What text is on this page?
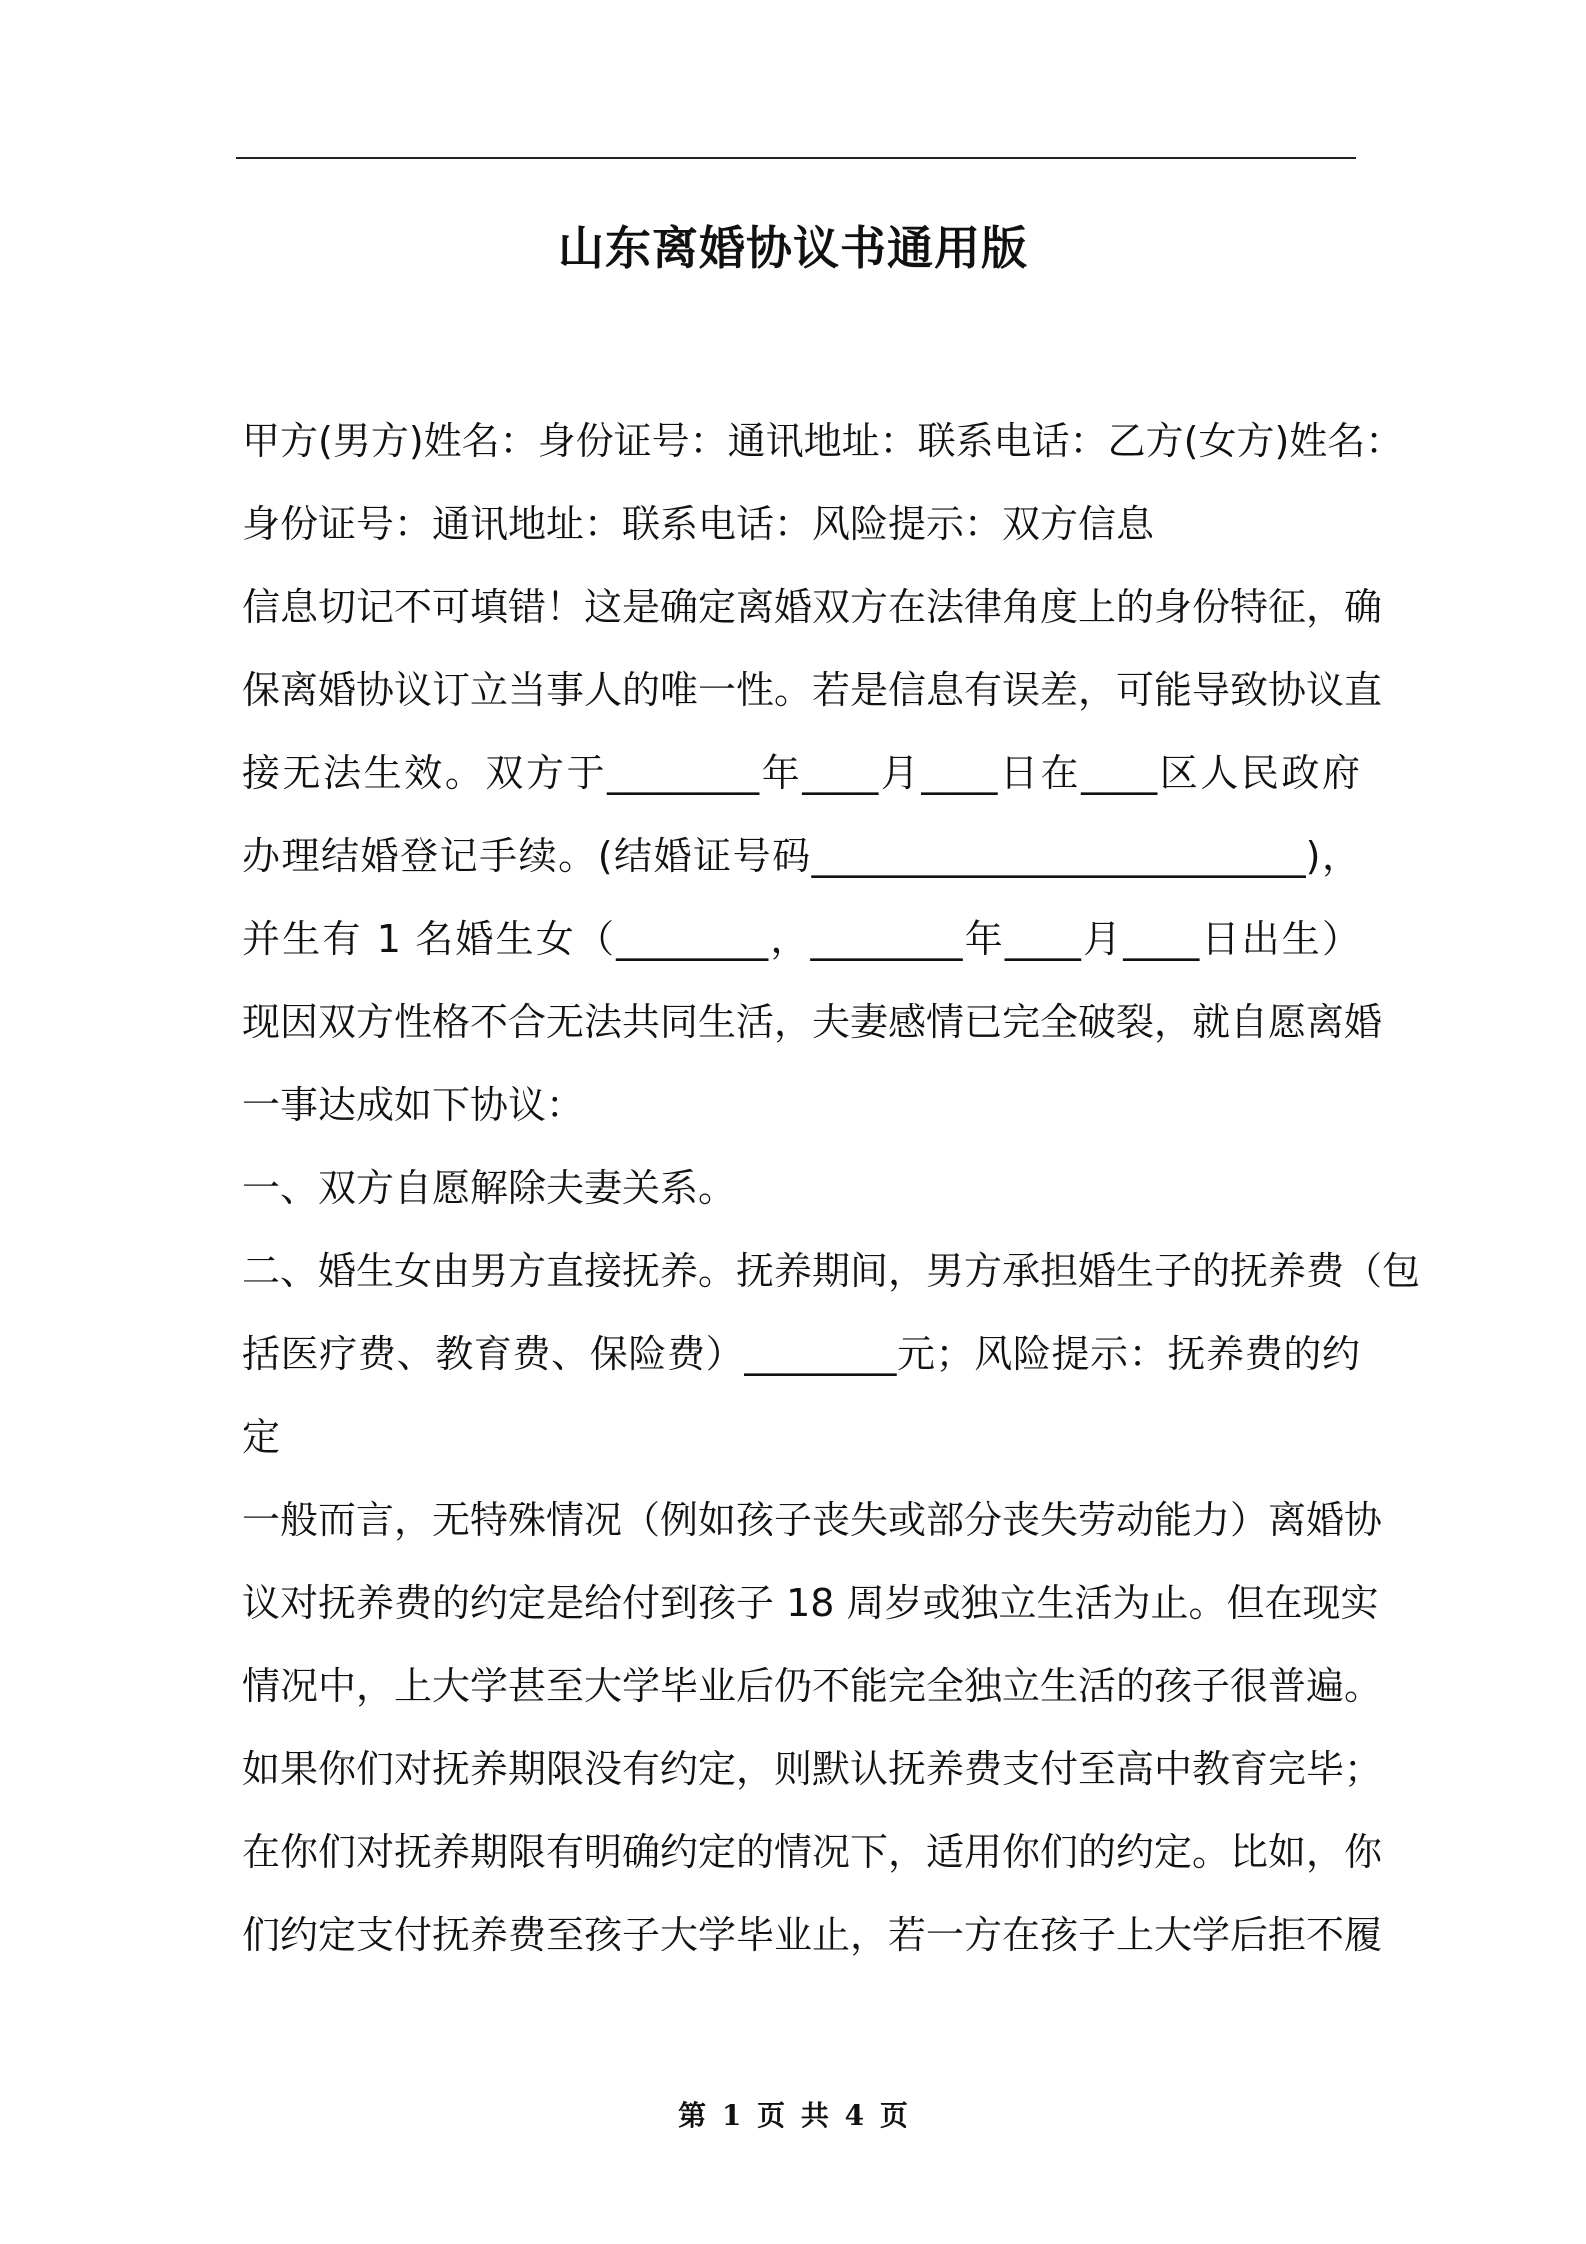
山东离婚协议书通用版
甲方(男方)姓名：身份证号：通讯地址：联系电话：乙方(女方)姓名：
身份证号：通讯地址：联系电话：风险提示：双方信息
信息切记不可填错！这是确定离婚双方在法律角度上的身份特征，确
保离婚协议订立当事人的唯一性。若是信息有误差，可能导致协议直
接无法生效。双方于________年____月____日在____区人民政府
办理结婚登记手续。(结婚证号码__________________________)，
并生有 1 名婚生女（________，________年____月____日出生）
现因双方性格不合无法共同生活，夫妻感情已完全破裂，就自愿离婚
一事达成如下协议：
一、双方自愿解除夫妻关系。
二、婚生女由男方直接抚养。抚养期间，男方承担婚生子的抚养费（包
括医疗费、教育费、保险费）________元；风险提示：抚养费的约
定
一般而言，无特殊情况（例如孩子丧失或部分丧失劳动能力）离婚协
议对抚养费的约定是给付到孩子 18 周岁或独立生活为止。但在现实
情况中，上大学甚至大学毕业后仍不能完全独立生活的孩子很普遍。
如果你们对抚养期限没有约定，则默认抚养费支付至高中教育完毕；
在你们对抚养期限有明确约定的情况下，适用你们的约定。比如，你
们约定支付抚养费至孩子大学毕业止，若一方在孩子上大学后拒不履
第 1 页 共 4 页
